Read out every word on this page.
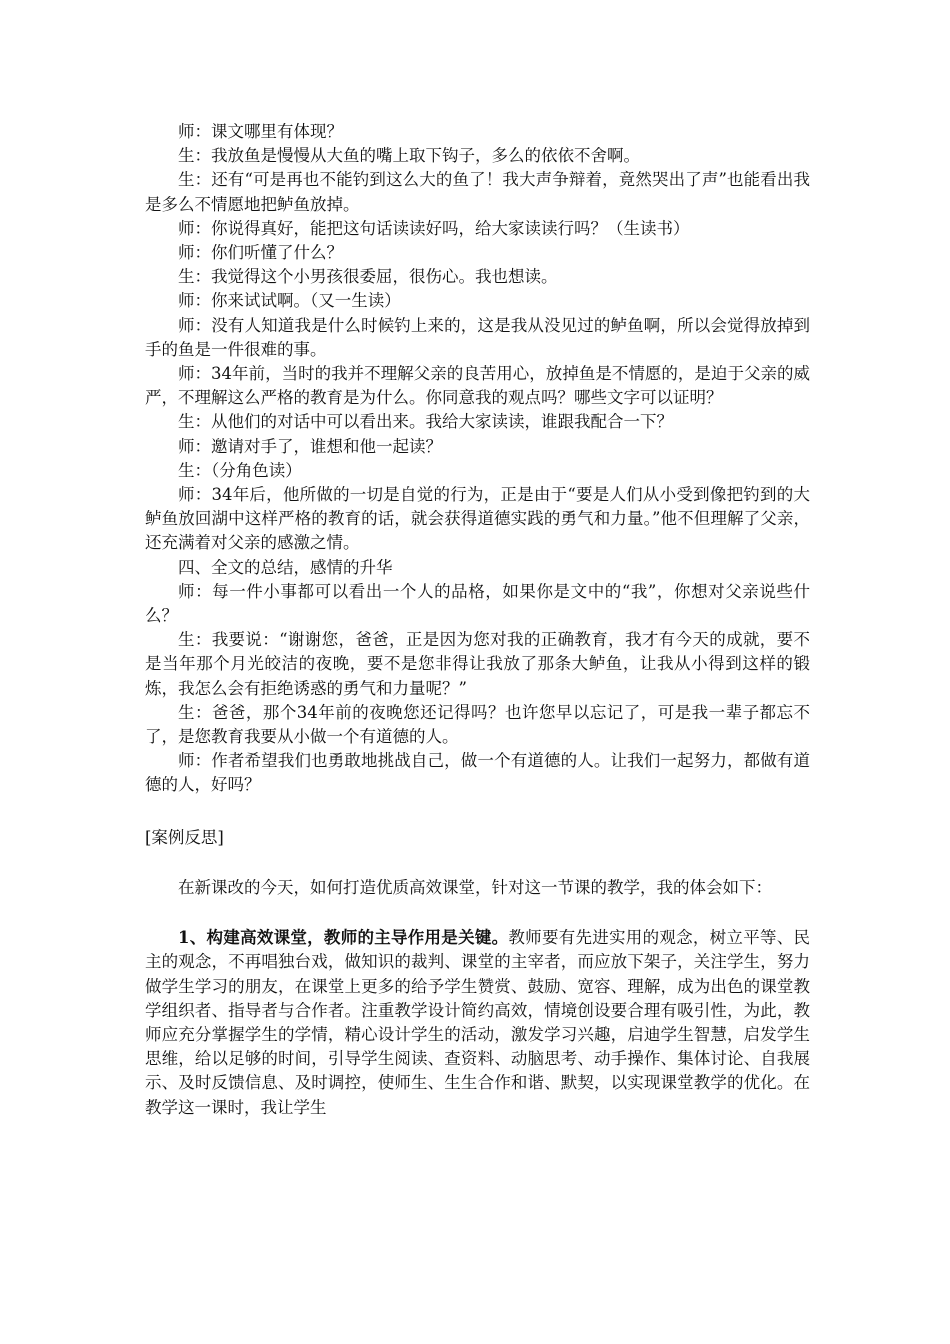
师：课文哪里有体现？

生：我放鱼是慢慢从大鱼的嘴上取下钩子，多么的依依不舍啊。

生：还有“可是再也不能钓到这么大的鱼了！我大声争辩着，竟然哭出了声”也能看出我是多么不情愿地把鲈鱼放掉。

师：你说得真好，能把这句话读读好吗，给大家读读行吗？（生读书）

师：你们听懂了什么？

生：我觉得这个小男孩很委屈，很伤心。我也想读。

师：你来试试啊。（又一生读）

师：没有人知道我是什么时候钓上来的，这是我从没见过的鲈鱼啊，所以会觉得放掉到手的鱼是一件很难的事。

师：34年前，当时的我并不理解父亲的良苦用心，放掉鱼是不情愿的，是迫于父亲的威严，不理解这么严格的教育是为什么。你同意我的观点吗？哪些文字可以证明？

生：从他们的对话中可以看出来。我给大家读读，谁跟我配合一下？

师：邀请对手了，谁想和他一起读？

生：（分角色读）

师：34年后，他所做的一切是自觉的行为，正是由于“要是人们从小受到像把钓到的大鲈鱼放回湖中这样严格的教育的话，就会获得道德实践的勇气和力量。”他不但理解了父亲，还充满着对父亲的感激之情。

四、全文的总结，感情的升华

师：每一件小事都可以看出一个人的品格，如果你是文中的“我”，你想对父亲说些什么？

生：我要说：“谢谢您，爸爸，正是因为您对我的正确教育，我才有今天的成就，要不是当年那个月光皎洁的夜晚，要不是您非得让我放了那条大鲈鱼，让我从小得到这样的锻炼，我怎么会有拒绝诱惑的勇气和力量呢？”

生：爸爸，那个34年前的夜晚您还记得吗？也许您早以忘记了，可是我一辈子都忘不了，是您教育我要从小做一个有道德的人。

师：作者希望我们也勇敢地挑战自己，做一个有道德的人。让我们一起努力，都做有道德的人，好吗？

[案例反思]

在新课改的今天，如何打造优质高效课堂，针对这一节课的教学，我的体会如下：

1、构建高效课堂，教师的主导作用是关键。教师要有先进实用的观念，树立平等、民主的观念，不再唱独台戏，做知识的裁判、课堂的主宰者，而应放下架子，关注学生，努力做学生学习的朋友，在课堂上更多的给予学生赞赏、鼓励、宽容、理解，成为出色的课堂教学组织者、指导者与合作者。注重教学设计简约高效，情境创设要合理有吸引性，为此，教师应充分掌握学生的学情，精心设计学生的活动，激发学习兴趣，启迪学生智慧，启发学生思维，给以足够的时间，引导学生阅读、查资料、动脑思考、动手操作、集体讨论、自我展示、及时反馈信息、及时调控，使师生、生生合作和谐、默契，以实现课堂教学的优化。在教学这一课时，我让学生
